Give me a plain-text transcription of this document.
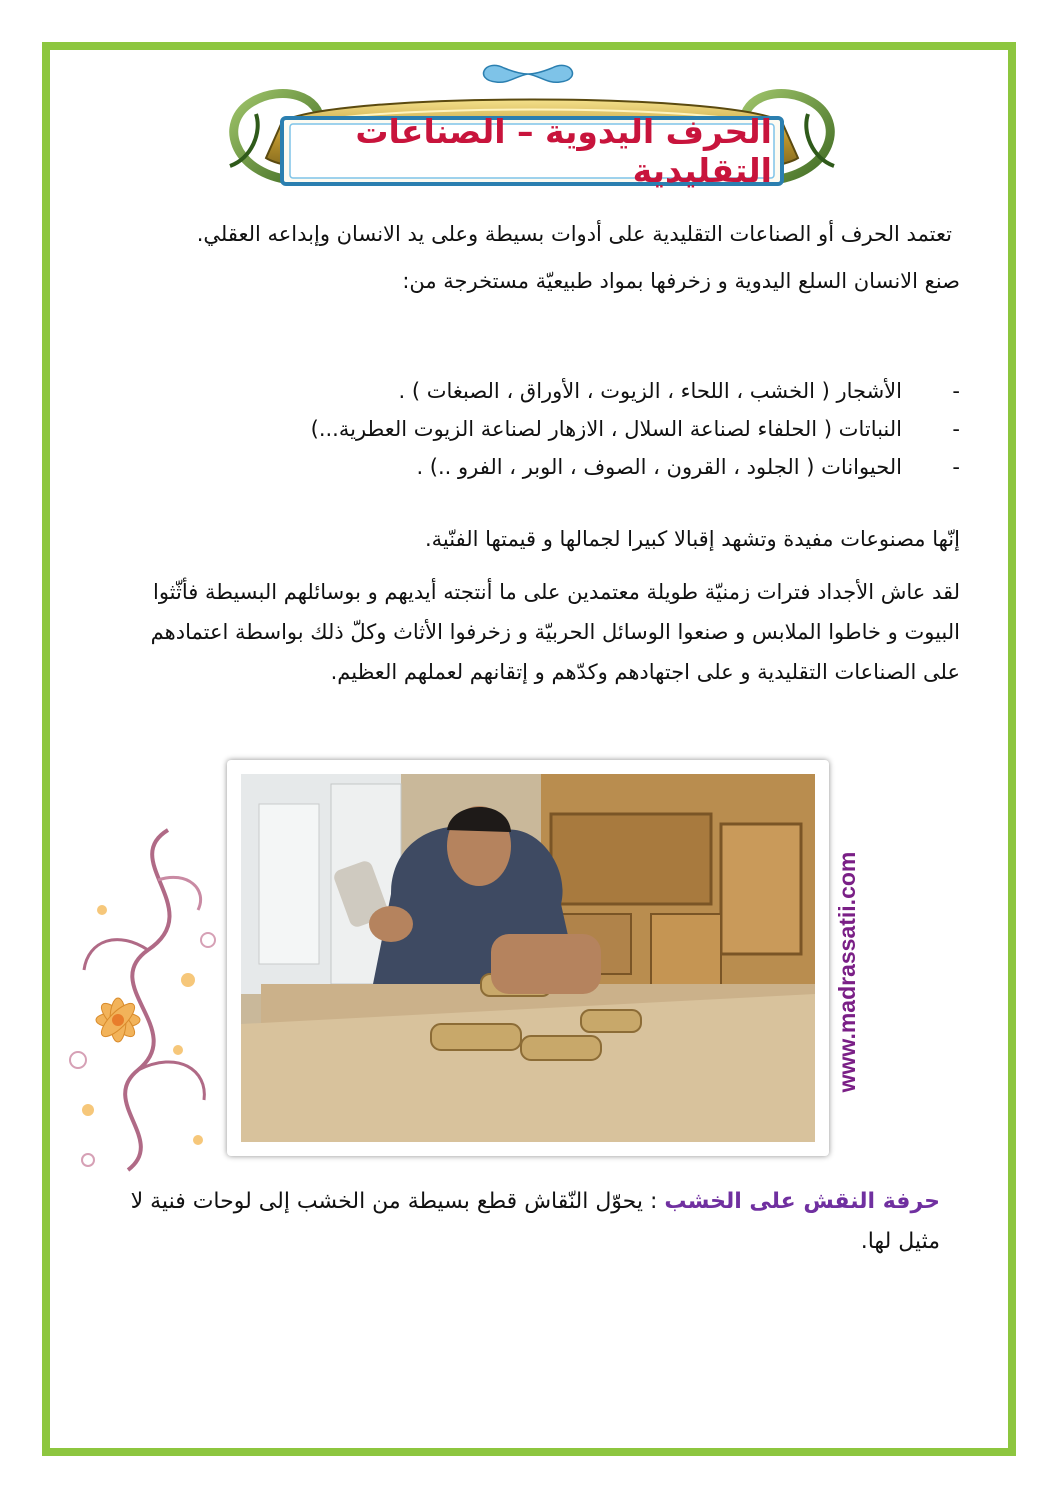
الحرف اليدوية – الصناعات التقليدية

تعتمد الحرف أو الصناعات التقليدية على أدوات بسيطة وعلى يد الانسان وإبداعه العقلي.

صنع الانسان السلع اليدوية و زخرفها بمواد طبيعيّة مستخرجة من:

-
الأشجار ( الخشب ، اللحاء ، الزيوت ، الأوراق ، الصبغات ) .
-
النباتات ( الحلفاء لصناعة السلال ، الازهار لصناعة الزيوت العطرية...)
-
الحيوانات ( الجلود ، القرون ، الصوف ، الوبر ، الفرو ..) .

إنّها مصنوعات مفيدة وتشهد إقبالا كبيرا لجمالها و قيمتها الفنّية.

لقد عاش الأجداد فترات زمنيّة طويلة معتمدين على ما أنتجته أيديهم و بوسائلهم البسيطة فأثّثوا البيوت و خاطوا الملابس و صنعوا الوسائل الحربيّة و زخرفوا الأثاث وكلّ ذلك بواسطة اعتمادهم على الصناعات التقليدية و على اجتهادهم وكدّهم و إتقانهم لعملهم العظيم.

www.madrassatii.com
حرفة النقش على الخشب : يحوّل النّقاش قطع بسيطة من الخشب إلى لوحات فنية لا مثيل لها.
